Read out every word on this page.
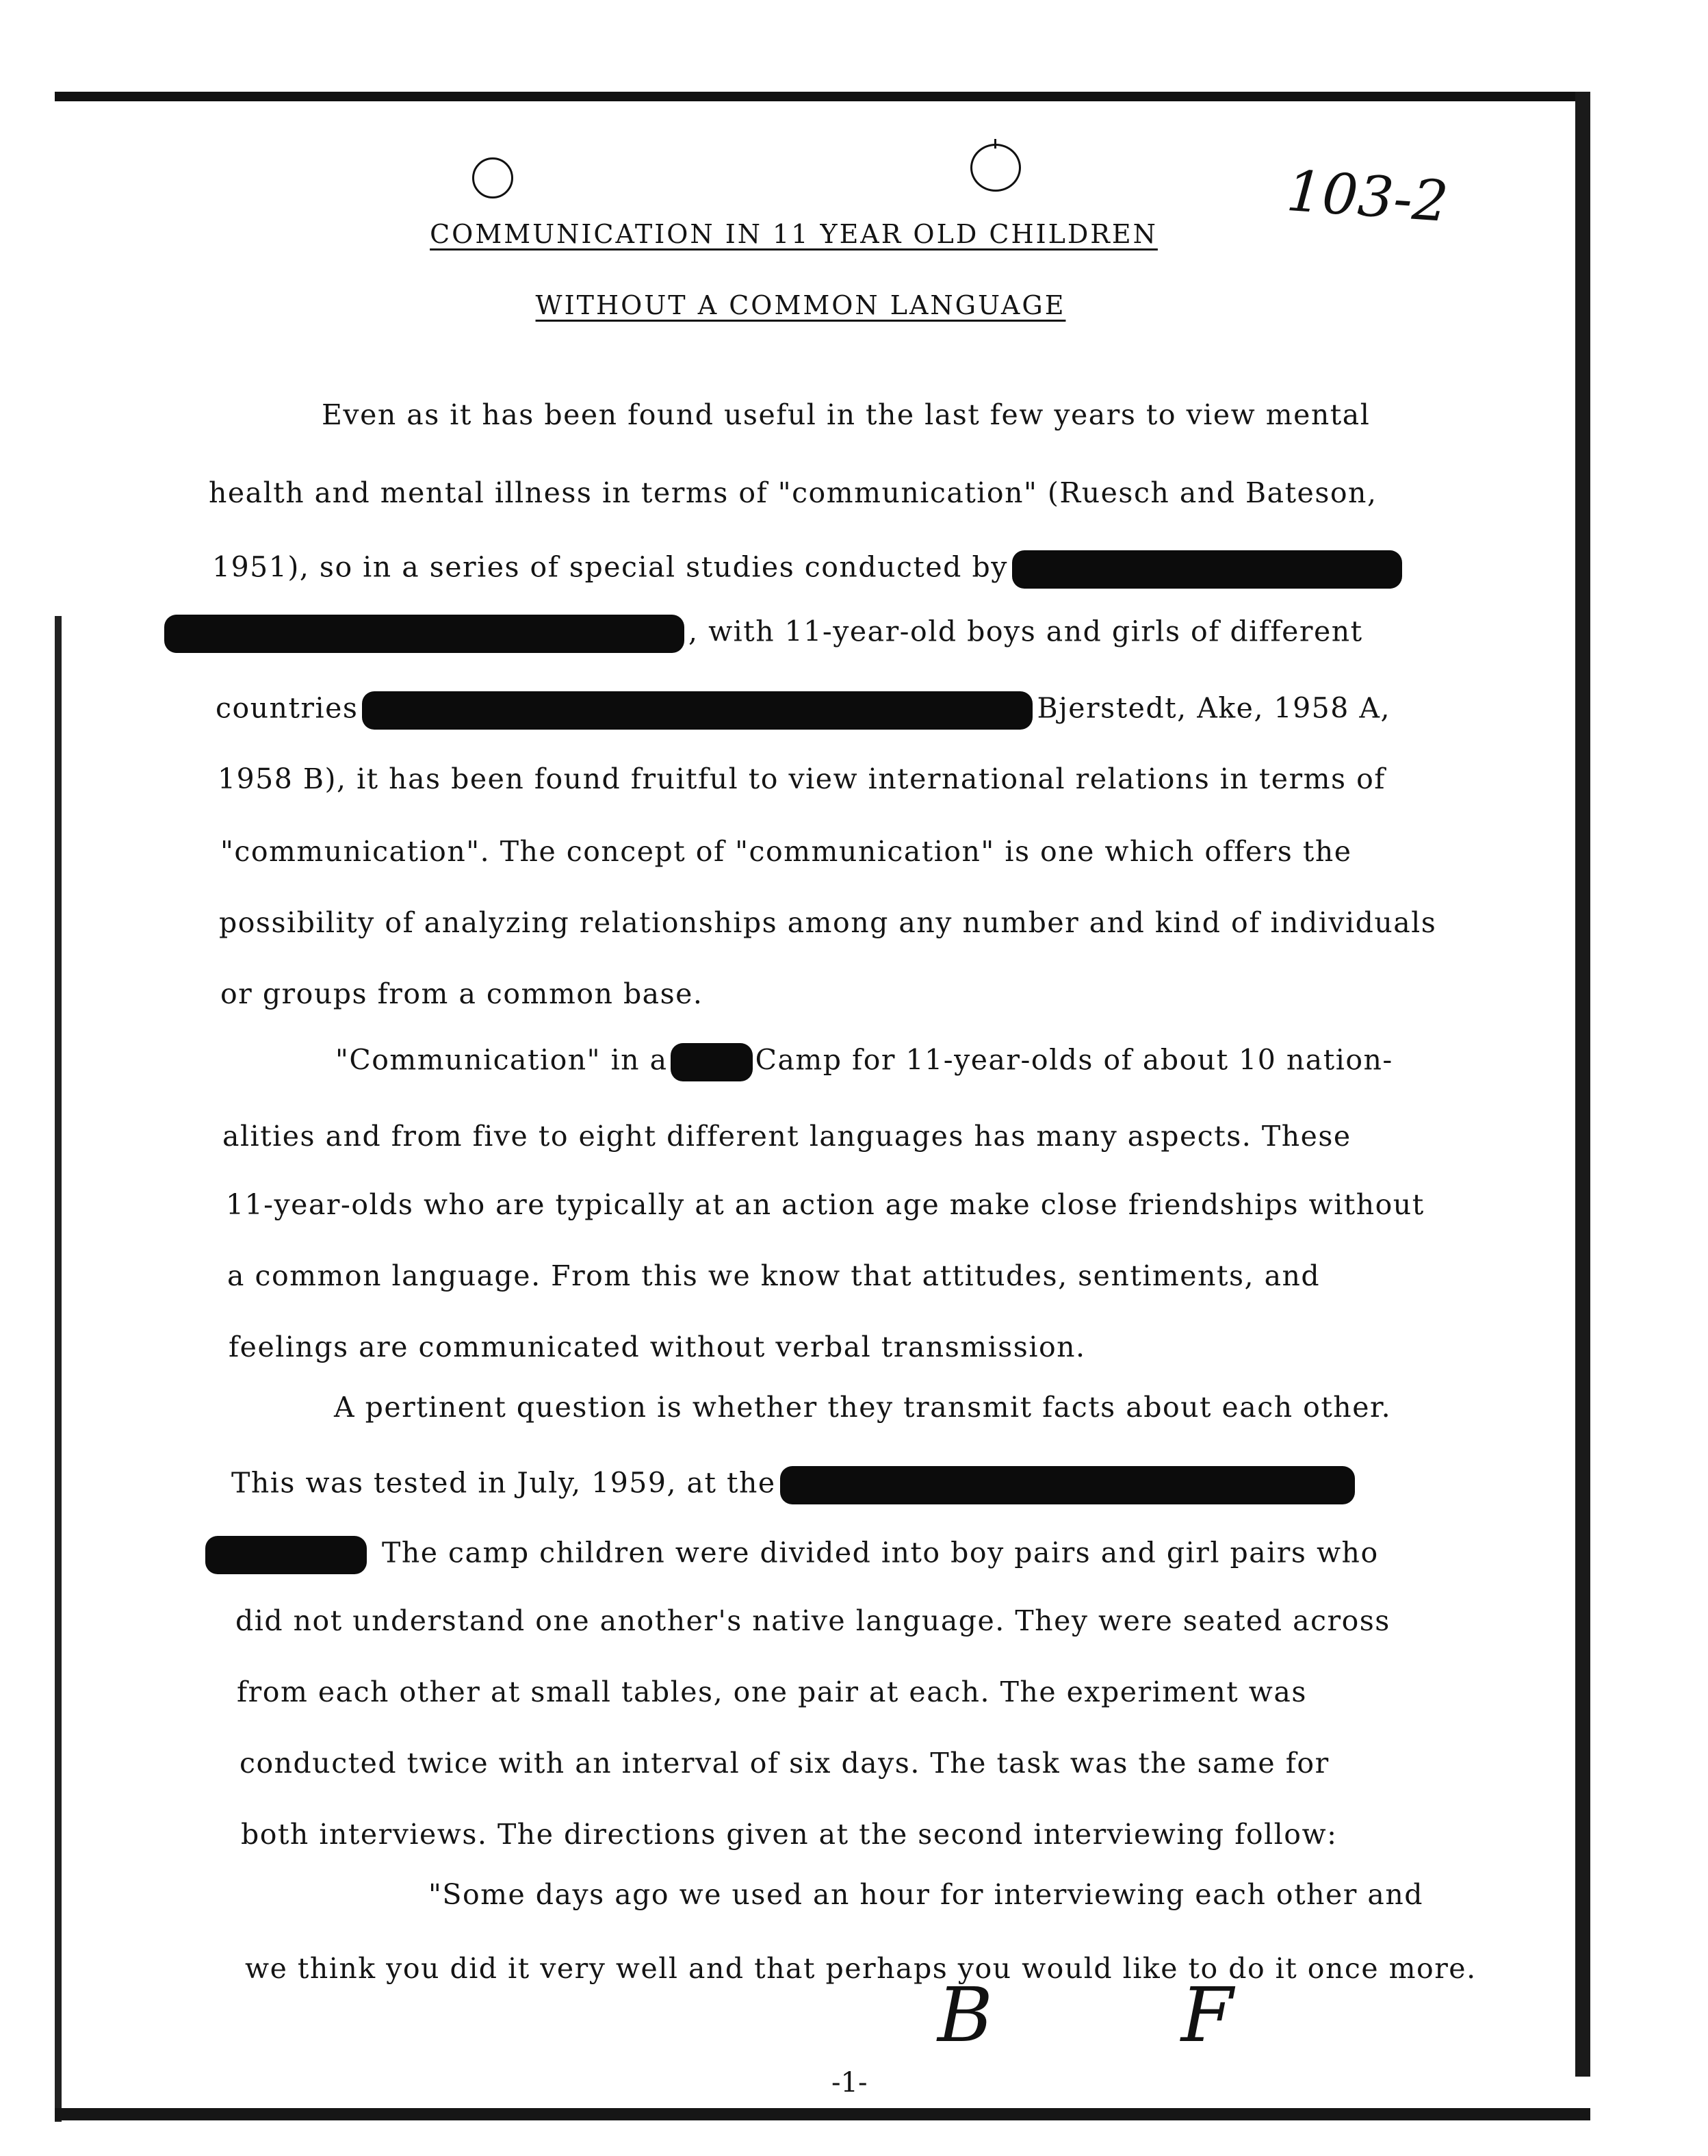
103-2
COMMUNICATION IN 11 YEAR OLD CHILDREN
WITHOUT A COMMON LANGUAGE
Even as it has been found useful in the last few years to view mental
health and mental illness in terms of "communication" (Ruesch and Bateson,
1951), so in a series of special studies conducted by
, with 11-year-old boys and girls of different
countries	Bjerstedt, Ake, 1958 A,
1958 B), it has been found fruitful to view international relations in terms of
"communication". The concept of "communication" is one which offers the
possibility of analyzing relationships among any number and kind of individuals
or groups from a common base.
"Communication" in a	Camp for 11-year-olds of about 10 nation-
alities and from five to eight different languages has many aspects. These
11-year-olds who are typically at an action age make close friendships without
a common language. From this we know that attitudes, sentiments, and
feelings are communicated without verbal transmission.
A pertinent question is whether they transmit facts about each other.
This was tested in July, 1959, at the
The camp children were divided into boy pairs and girl pairs who
did not understand one another's native language. They were seated across
from each other at small tables, one pair at each. The experiment was
conducted twice with an interval of six days. The task was the same for
both interviews. The directions given at the second interviewing follow:
"Some days ago we used an hour for interviewing each other and
we think you did it very well and that perhaps you would like to do it once more.
B F
-1-
